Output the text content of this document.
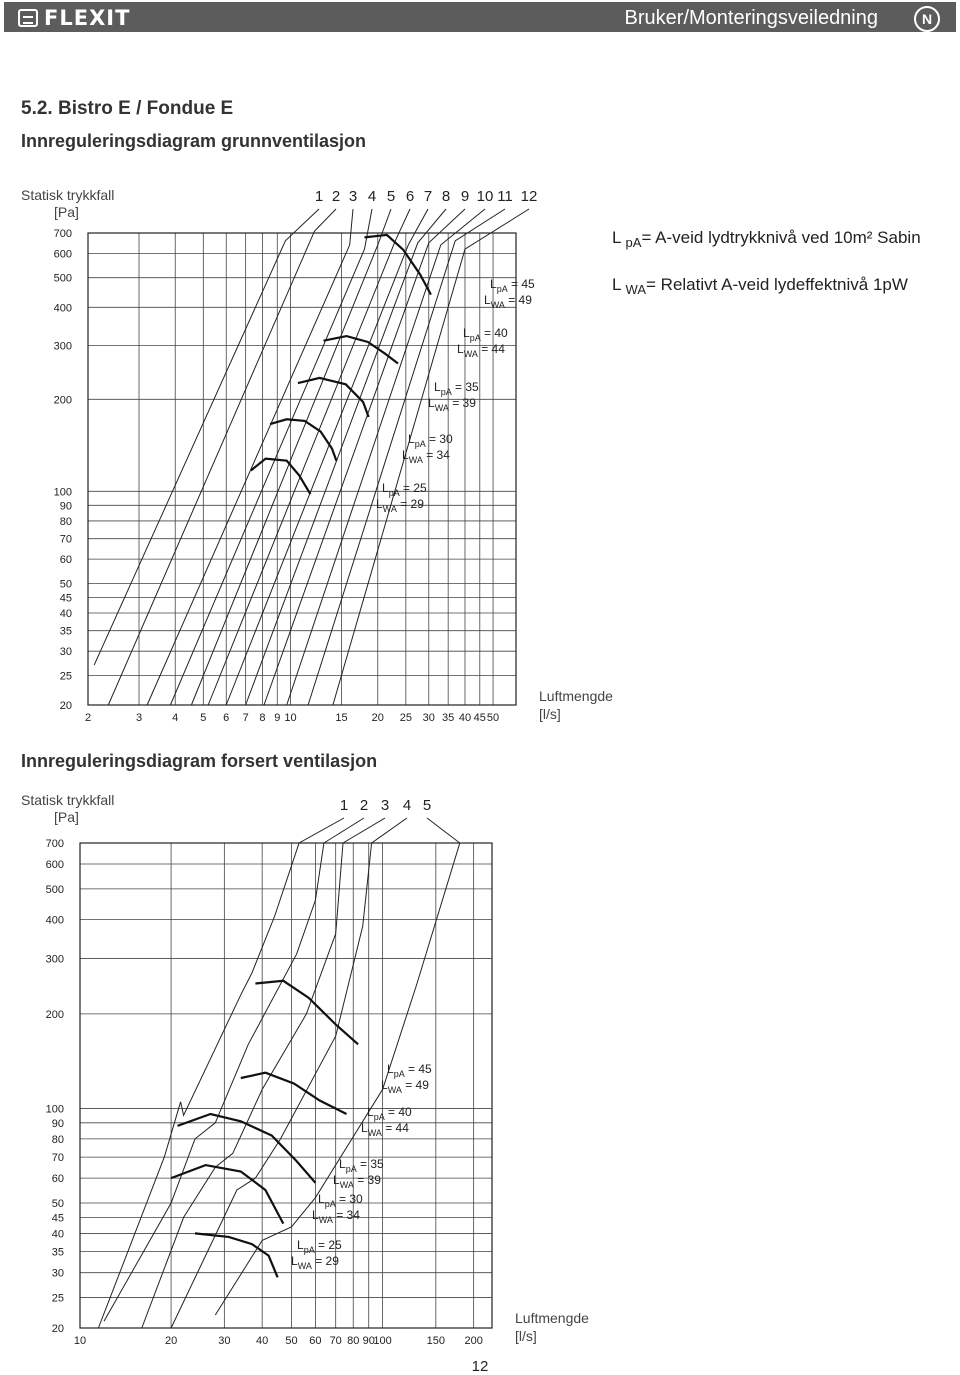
FLEXIT	Bruker/Monteringsveiledning	N
5.2. Bistro E / Fondue E
Innreguleringsdiagram grunnventilasjon
Innreguleringsdiagram forsert ventilasjon
20
25
30
35
40
45
50
60
70
80
90
100
200
300
400
500
600
700
2	3	4 5 6 7 8 9 10	15 20 25 30 35 40 45 50
Statisk trykkfall
[Pa]
Luftmengde
[l/s]
1 2 3 4 5 6 7 8 9 10 11 12
$L_{pA} = 45$
$L_{WA} = 49$
$L_{pA} = 40$
$L_{WA} = 44$
$L_{pA} = 35$
$L_{WA} = 39$
$L_{pA} = 30$
$L_{WA} = 34$
$L_{pA} = 25$
$L_{WA} = 29$
L $_{pA}$= A-veid lydtrykknivå ved 10m² Sabin
L $_{WA}$= Relativt A-veid lydeffektnivå 1pW
20
25
30
35
40
45
50
60
70
80
90
100
200
300
400
500
600
700
10	20	30 40 50 60 70 80 90
100	150 200
Statisk trykkfall
[Pa]
Luftmengde
[l/s]
1 2 3 4 5
$L_{pA} = 45$
$L_{WA} = 49$
$L_{pA} = 40$
$L_{WA} = 44$
$L_{pA} = 35$
$L_{WA} = 39$
$L_{pA} = 30$
$L_{WA} = 34$
$L_{pA} = 25$
$L_{WA} = 29$
12
